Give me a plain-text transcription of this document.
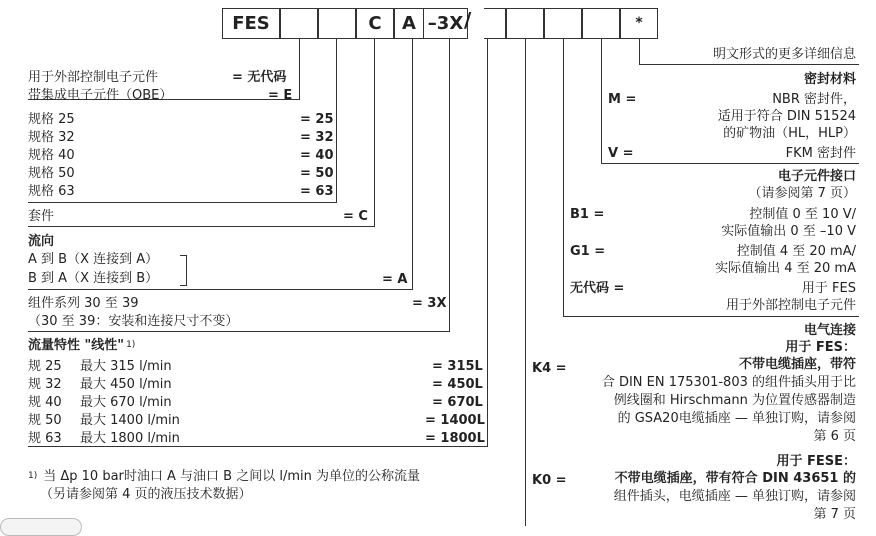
FES	C	A –3X /	*
明文形式的更多详细信息
密封材料
M =	NBR 密封件，
适用于符合 DIN 51524
的矿物油（HL，HLP）
V =	FKM 密封件
电子元件接口
（请参阅第 7 页）
B1 =	控制值 0 至 10 V/
实际值输出 0 至 –10 V
G1 =	控制值 4 至 20 mA/
实际值输出 4 至 20 mA
无代码 =	用于 FES
用于外部控制电子元件
电气连接
用于 FES：
K4 =	不带电缆插座，带符
合 DIN EN 175301-803 的组件插头用于比
例线圈和 Hirschmann 为位置传感器制造
的 GSA20电缆插座 — 单独订购，请参阅
第 6 页
用于 FESE：
K0 =	不带电缆插座，带有符合 DIN 43651 的
组件插头，电缆插座 — 单独订购，请参阅
第 7 页
用于外部控制电子元件	= 无代码
带集成电子元件（OBE）	= E
规格 25	= 25
规格 32	= 32
规格 40	= 40
规格 50	= 50
规格 63	= 63
套件	= C
流向
A 到 B（X 连接到 A）
B 到 A（X 连接到 B）	= A
组件系列 30 至 39	= 3X
（30 至 39：安装和连接尺寸不变）
流量特性 "线性" $^{1)}$
规 25 最大 315 l/min	= 315L
规 32 最大 450 l/min	= 450L
规 40 最大 670 l/min	= 670L
规 50 最大 1400 l/min	= 1400L
规 63 最大 1800 l/min	= 1800L
$^{1)}$ 当 Δp 10 bar时油口 A 与油口 B 之间以 l/min 为单位的公称流量
（另请参阅第 4 页的液压技术数据）
